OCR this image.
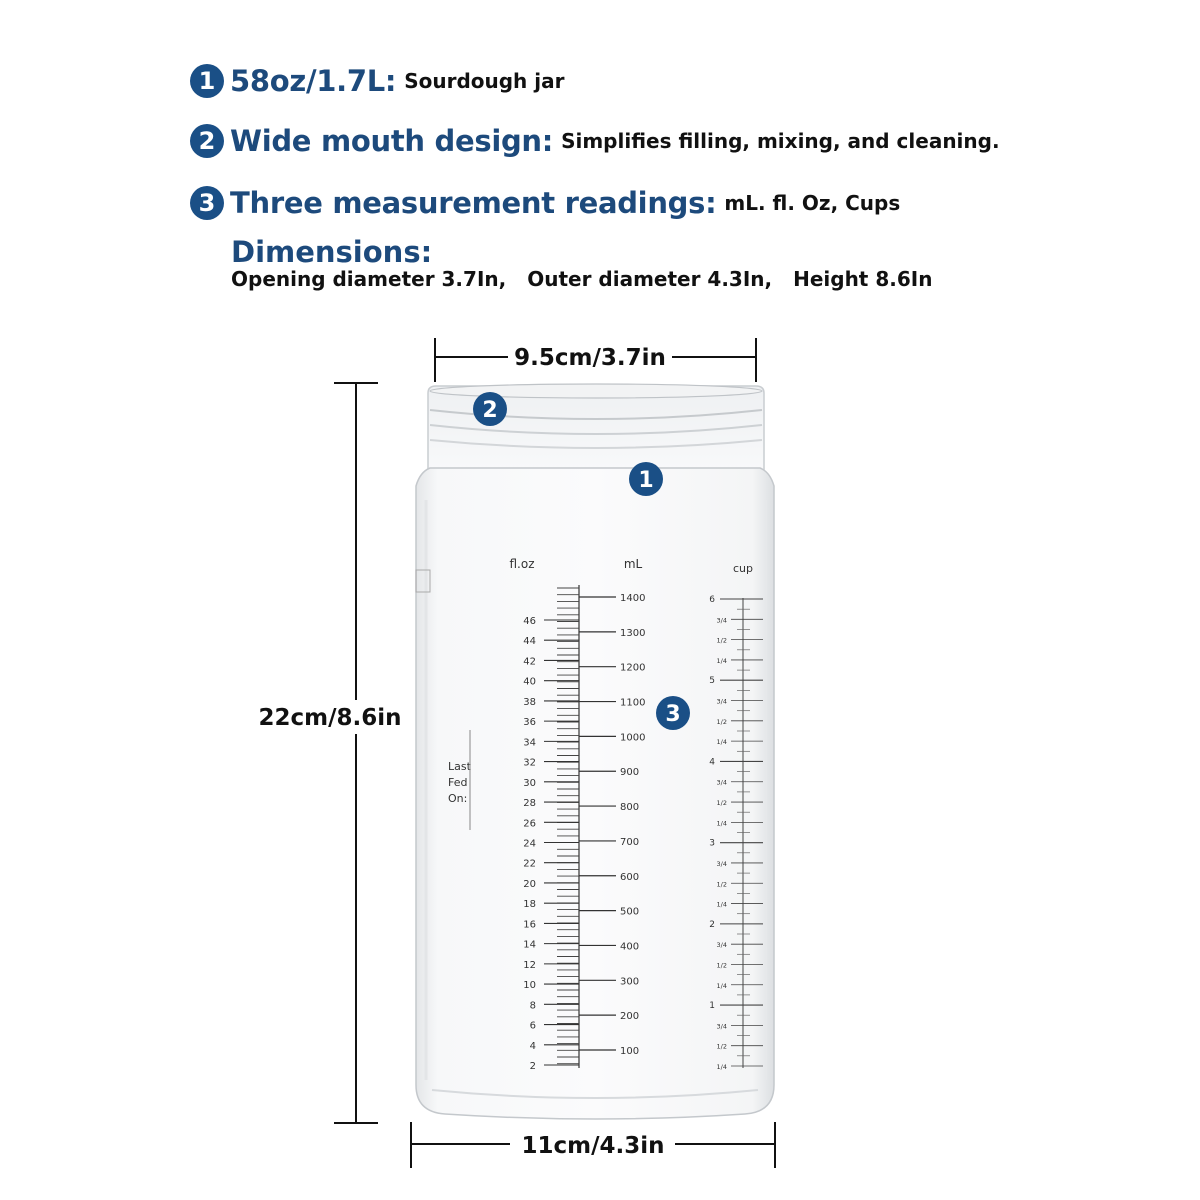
1 58oz/1.7L: Sourdough jar
2 Wide mouth design: Simplifies filling, mixing, and cleaning.
3 Three measurement readings: mL. fl. Oz, Cups
Dimensions:
Opening diameter 3.7In, Outer diameter 4.3In, Height 8.6In
9.5cm/3.7in
22cm/8.6in
11cm/4.3in
Last
Fed
On:
fl.oz	mL	cup
46
44
42
40
38
36
34
32
30
28
26
24
22
20
18
16
14
12
10
8
6
4
2
1400
1300
1200
1100
1000
900
800
700
600
500
400
300
200
100
6
3/4
1/2
1/4
5
3/4
1/2
1/4
4
3/4
1/2
1/4
3
3/4
1/2
1/4
2
3/4
1/2
1/4
1
3/4
1/2
1/4
2
1
3
